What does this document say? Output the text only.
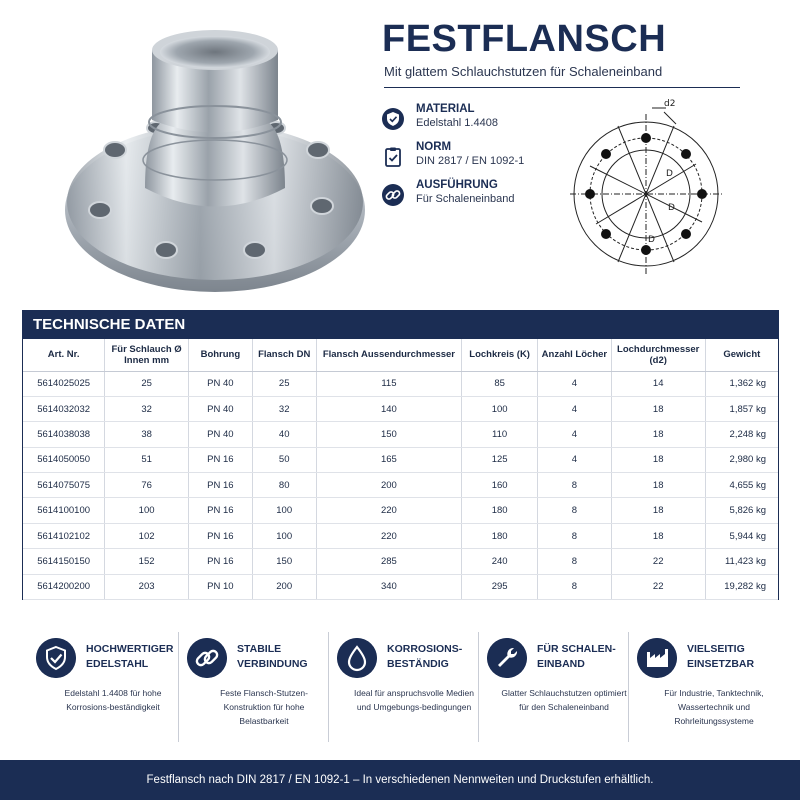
FESTFLANSCH
Mit glattem Schlauchstutzen für Schaleneinband
MATERIAL
Edelstahl 1.4408
NORM
DIN 2817 / EN 1092-1
AUSFÜHRUNG
Für Schaleneinband
d2
D
D
D
TECHNISCHE DATEN
Art. Nr.	Für Schlauch Ø Innen mm	Bohrung	Flansch DN	Flansch Aussendurchmesser	Lochkreis (K)	Anzahl Löcher	Lochdurchmesser (d2)	Gewicht
5614025025	25	PN 40	25	115	85	4	14	1,362 kg
5614032032	32	PN 40	32	140	100	4	18	1,857 kg
5614038038	38	PN 40	40	150	110	4	18	2,248 kg
5614050050	51	PN 16	50	165	125	4	18	2,980 kg
5614075075	76	PN 16	80	200	160	8	18	4,655 kg
5614100100	100	PN 16	100	220	180	8	18	5,826 kg
5614102102	102	PN 16	100	220	180	8	18	5,944 kg
5614150150	152	PN 16	150	285	240	8	22	11,423 kg
5614200200	203	PN 10	200	340	295	8	22	19,282 kg
HOCHWERTIGER EDELSTAHL
Edelstahl 1.4408 für hohe Korrosions-beständigkeit
STABILE VERBINDUNG
Feste Flansch-Stutzen-Konstruktion für hohe Belastbarkeit
KORROSIONS-BESTÄNDIG
Ideal für anspruchsvolle Medien und Umgebungs-bedingungen
FÜR SCHALEN-EINBAND
Glatter Schlauchstutzen optimiert für den Schaleneinband
VIELSEITIG EINSETZBAR
Für Industrie, Tanktechnik, Wassertechnik und Rohrleitungssysteme
Festflansch nach DIN 2817 / EN 1092-1 – In verschiedenen Nennweiten und Druckstufen erhältlich.
